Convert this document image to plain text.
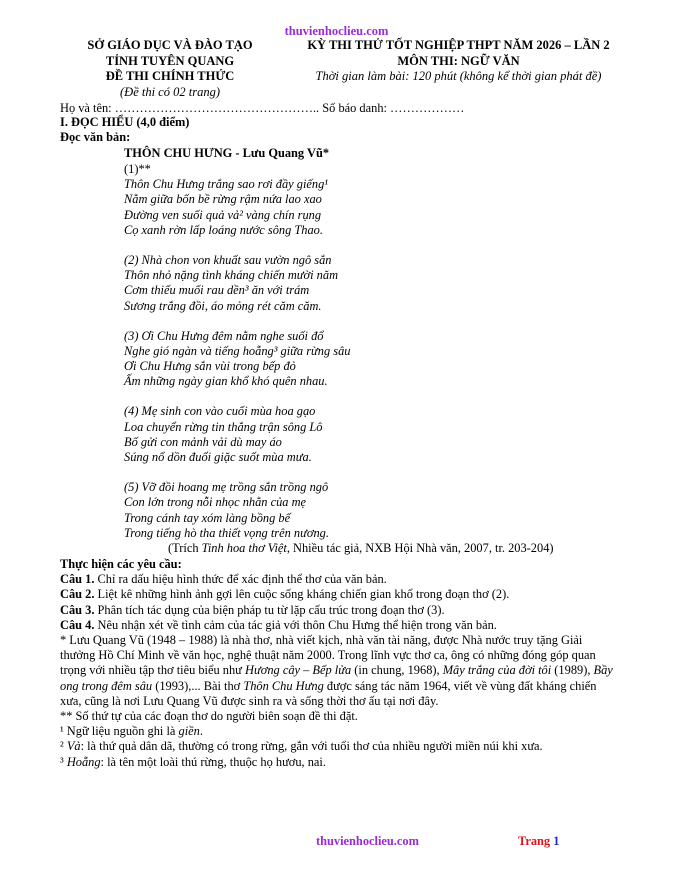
thuvienhoclieu.com
SỞ GIÁO DỤC VÀ ĐÀO TẠO
TỈNH TUYÊN QUANG
ĐỀ THI CHÍNH THỨC
(Đề thi có 02 trang)
KỲ THI THỬ TỐT NGHIỆP THPT NĂM 2026 – LẦN 2
MÔN THI: NGỮ VĂN
Thời gian làm bài: 120 phút (không kể thời gian phát đề)
Họ và tên: ………………………………………….. Số báo danh: ………………
I. ĐỌC HIỂU (4,0 điểm)
Đọc văn bản:
THÔN CHU HƯNG - Lưu Quang Vũ*
(1)**
Thôn Chu Hưng trắng sao rơi đầy giếng¹
Nằm giữa bốn bề rừng rậm nứa lao xao
Đường ven suối quả vả² vàng chín rụng
Cọ xanh rờn lấp loáng nước sông Thao.
(2) Nhà chon von khuất sau vườn ngô sắn
Thôn nhỏ nặng tình kháng chiến mười năm
Cơm thiếu muối rau dền³ ăn với trám
Sương trắng đồi, áo mỏng rét căm căm.
(3) Ơi Chu Hưng đêm nằm nghe suối đổ
Nghe gió ngàn và tiếng hoẵng³ giữa rừng sâu
Ơi Chu Hưng sắn vùi trong bếp đỏ
Ấm những ngày gian khổ khó quên nhau.
(4) Mẹ sinh con vào cuối mùa hoa gạo
Loa chuyển rừng tin thắng trận sông Lô
Bố gửi con mảnh vải dù may áo
Súng nổ dồn đuổi giặc suốt mùa mưa.
(5) Vỡ đồi hoang mẹ trồng sắn trồng ngô
Con lớn trong nỗi nhọc nhằn của mẹ
Trong cánh tay xóm làng bồng bế
Trong tiếng hò tha thiết vọng trên nương.
(Trích Tinh hoa thơ Việt, Nhiều tác giả, NXB Hội Nhà văn, 2007, tr. 203-204)

Thực hiện các yêu cầu:

Câu 1. Chỉ ra dấu hiệu hình thức để xác định thể thơ của văn bản.

Câu 2. Liệt kê những hình ảnh gợi lên cuộc sống kháng chiến gian khổ trong đoạn thơ (2).

Câu 3. Phân tích tác dụng của biện pháp tu từ lặp cấu trúc trong đoạn thơ (3).

Câu 4. Nêu nhận xét về tình cảm của tác giả với thôn Chu Hưng thể hiện trong văn bản.

* Lưu Quang Vũ (1948 – 1988) là nhà thơ, nhà viết kịch, nhà văn tài năng, được Nhà nước truy tặng Giải thưởng Hồ Chí Minh về văn học, nghệ thuật năm 2000. Trong lĩnh vực thơ ca, ông có những đóng góp quan trọng với nhiều tập thơ tiêu biểu như Hương cây – Bếp lửa (in chung, 1968), Mây trắng của đời tôi (1989), Bầy ong trong đêm sâu (1993),... Bài thơ Thôn Chu Hưng được sáng tác năm 1964, viết về vùng đất kháng chiến xưa, cũng là nơi Lưu Quang Vũ được sinh ra và sống thời thơ ấu tại nơi đây.

** Số thứ tự của các đoạn thơ do người biên soạn đề thi đặt.

¹ Ngữ liệu nguồn ghi là giền.

² Vả: là thứ quả dân dã, thường có trong rừng, gắn với tuổi thơ của nhiều người miền núi khi xưa.

³ Hoẵng: là tên một loài thú rừng, thuộc họ hươu, nai.

thuvienhoclieu.com	Trang 1
